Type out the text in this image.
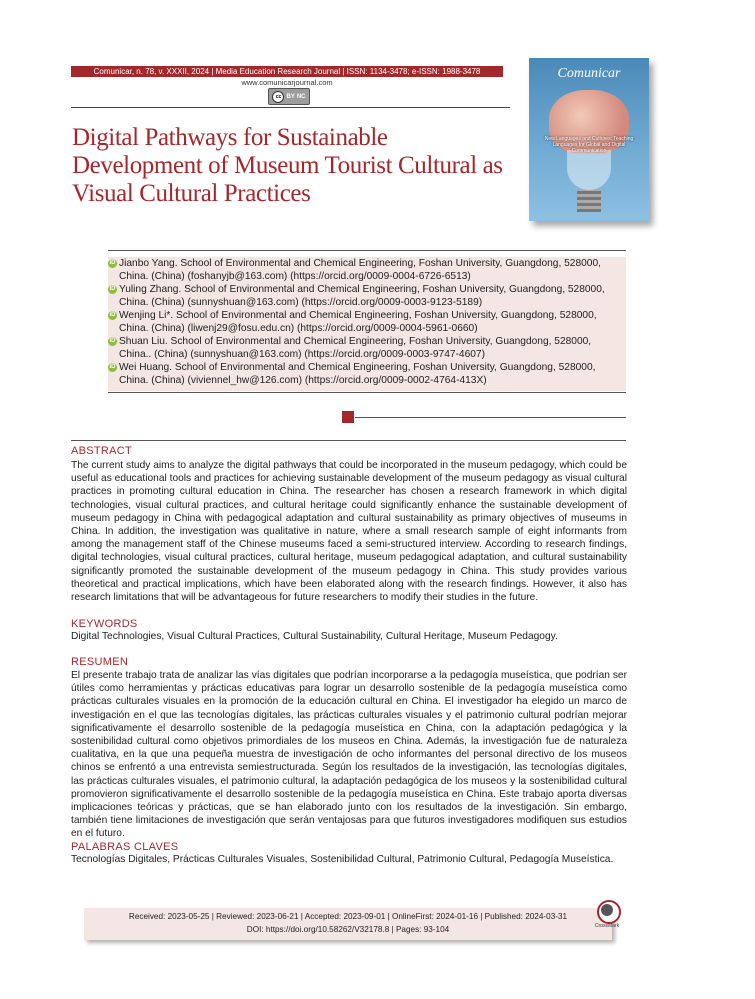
Comunicar, n. 78, v. XXXII, 2024 | Media Education Research Journal | ISSN: 1134-3478; e-ISSN: 1988-3478
www.comunicarjournal.com
cc BY NC
Digital Pathways for Sustainable Development of Museum Tourist Cultural as Visual Cultural Practices
Comunicar
New Languages and Cultures: Teaching Languages for Global and Digital Communication
iD Jianbo Yang. School of Environmental and Chemical Engineering, Foshan University, Guangdong, 528000, China. (China) (foshanyjb@163.com) (https://orcid.org/0009-0004-6726-6513)
iD Yuling Zhang. School of Environmental and Chemical Engineering, Foshan University, Guangdong, 528000, China. (China) (sunnyshuan@163.com) (https://orcid.org/0009-0003-9123-5189)
iD Wenjing Li*. School of Environmental and Chemical Engineering, Foshan University, Guangdong, 528000, China. (China) (liwenj29@fosu.edu.cn) (https://orcid.org/0009-0004-5961-0660)
iD Shuan Liu. School of Environmental and Chemical Engineering, Foshan University, Guangdong, 528000, China.. (China) (sunnyshuan@163.com) (https://orcid.org/0009-0003-9747-4607)
iD Wei Huang. School of Environmental and Chemical Engineering, Foshan University, Guangdong, 528000, China. (China) (viviennel_hw@126.com) (https://orcid.org/0009-0002-4764-413X)
ABSTRACT
The current study aims to analyze the digital pathways that could be incorporated in the museum pedagogy, which could be useful as educational tools and practices for achieving sustainable development of the museum pedagogy as visual cultural practices in promoting cultural education in China. The researcher has chosen a research framework in which digital technologies, visual cultural practices, and cultural heritage could significantly enhance the sustainable development of museum pedagogy in China with pedagogical adaptation and cultural sustainability as primary objectives of museums in China. In addition, the investigation was qualitative in nature, where a small research sample of eight informants from among the management staff of the Chinese museums faced a semi-structured interview. According to research findings, digital technologies, visual cultural practices, cultural heritage, museum pedagogical adaptation, and cultural sustainability significantly promoted the sustainable development of the museum pedagogy in China. This study provides various theoretical and practical implications, which have been elaborated along with the research findings. However, it also has research limitations that will be advantageous for future researchers to modify their studies in the future.
KEYWORDS
Digital Technologies, Visual Cultural Practices, Cultural Sustainability, Cultural Heritage, Museum Pedagogy.
RESUMEN
El presente trabajo trata de analizar las vías digitales que podrían incorporarse a la pedagogía museística, que podrían ser útiles como herramientas y prácticas educativas para lograr un desarrollo sostenible de la pedagogía museística como prácticas culturales visuales en la promoción de la educación cultural en China. El investigador ha elegido un marco de investigación en el que las tecnologías digitales, las prácticas culturales visuales y el patrimonio cultural podrían mejorar significativamente el desarrollo sostenible de la pedagogía museística en China, con la adaptación pedagógica y la sostenibilidad cultural como objetivos primordiales de los museos en China. Además, la investigación fue de naturaleza cualitativa, en la que una pequeña muestra de investigación de ocho informantes del personal directivo de los museos chinos se enfrentó a una entrevista semiestructurada. Según los resultados de la investigación, las tecnologías digitales, las prácticas culturales visuales, el patrimonio cultural, la adaptación pedagógica de los museos y la sostenibilidad cultural promovieron significativamente el desarrollo sostenible de la pedagogía museística en China. Este trabajo aporta diversas implicaciones teóricas y prácticas, que se han elaborado junto con los resultados de la investigación. Sin embargo, también tiene limitaciones de investigación que serán ventajosas para que futuros investigadores modifiquen sus estudios en el futuro.
PALABRAS CLAVES
Tecnologías Digitales, Prácticas Culturales Visuales, Sostenibilidad Cultural, Patrimonio Cultural, Pedagogía Museística.
Received: 2023-05-25 | Reviewed: 2023-06-21 | Accepted: 2023-09-01 | OnlineFirst: 2024-01-16 | Published: 2024-03-31
DOI: https://doi.org/10.58262/V32178.8 | Pages: 93-104	CrossMark
